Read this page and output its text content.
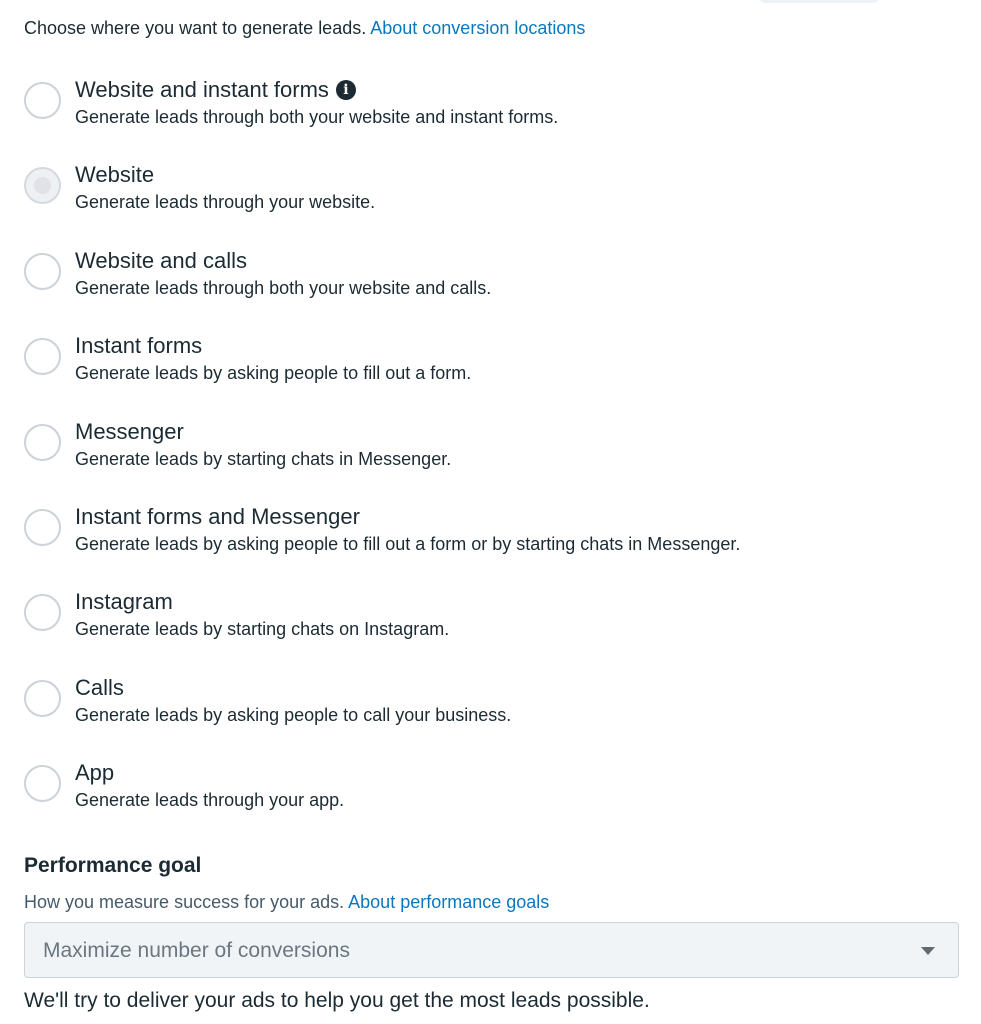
Choose where you want to generate leads. About conversion locations
Website and instant forms	i
Generate leads through both your website and instant forms.
Website
Generate leads through your website.
Website and calls
Generate leads through both your website and calls.
Instant forms
Generate leads by asking people to fill out a form.
Messenger
Generate leads by starting chats in Messenger.
Instant forms and Messenger
Generate leads by asking people to fill out a form or by starting chats in Messenger.
Instagram
Generate leads by starting chats on Instagram.
Calls
Generate leads by asking people to call your business.
App
Generate leads through your app.
Performance goal
How you measure success for your ads. About performance goals
Maximize number of conversions
We'll try to deliver your ads to help you get the most leads possible.
